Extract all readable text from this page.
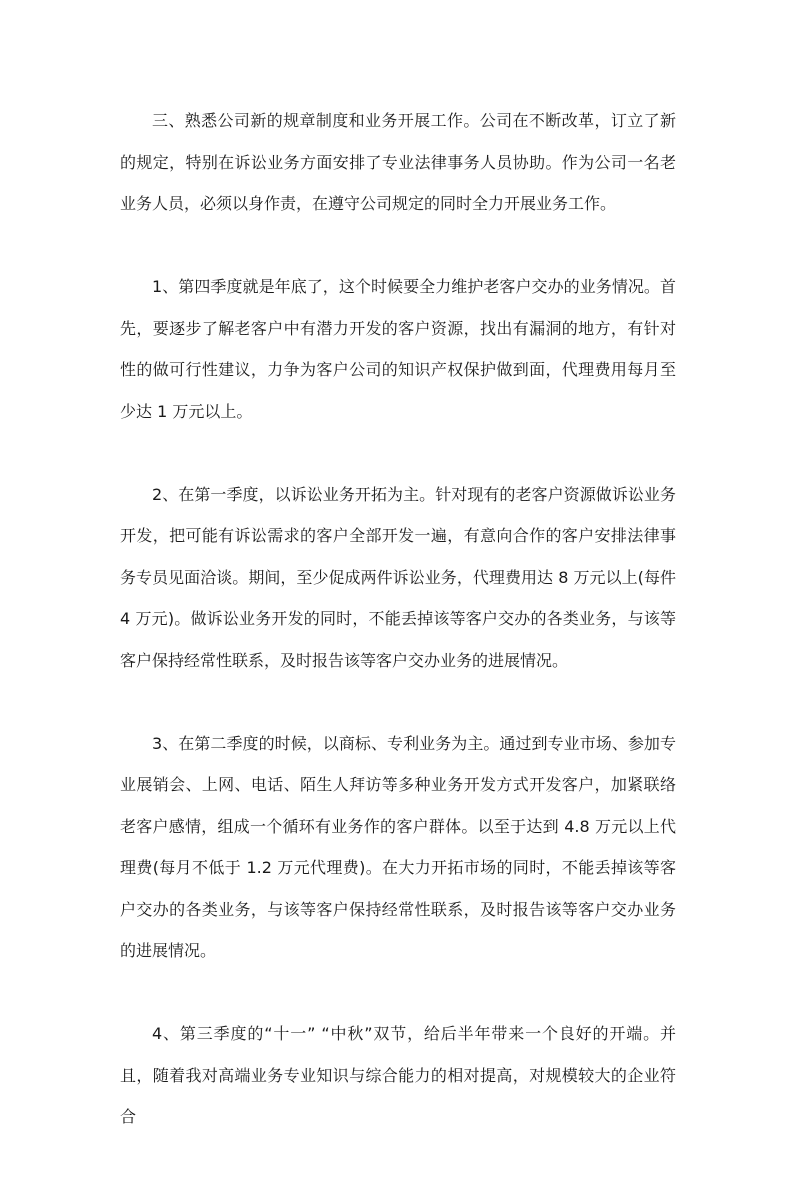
三、熟悉公司新的规章制度和业务开展工作。公司在不断改革，订立了新的规定，特别在诉讼业务方面安排了专业法律事务人员协助。作为公司一名老业务人员，必须以身作责，在遵守公司规定的同时全力开展业务工作。

1、第四季度就是年底了，这个时候要全力维护老客户交办的业务情况。首先，要逐步了解老客户中有潜力开发的客户资源，找出有漏洞的地方，有针对性的做可行性建议，力争为客户公司的知识产权保护做到面，代理费用每月至少达 1 万元以上。

2、在第一季度，以诉讼业务开拓为主。针对现有的老客户资源做诉讼业务开发，把可能有诉讼需求的客户全部开发一遍，有意向合作的客户安排法律事务专员见面洽谈。期间，至少促成两件诉讼业务，代理费用达 8 万元以上(每件 4 万元)。做诉讼业务开发的同时，不能丢掉该等客户交办的各类业务，与该等客户保持经常性联系，及时报告该等客户交办业务的进展情况。

3、在第二季度的时候，以商标、专利业务为主。通过到专业市场、参加专业展销会、上网、电话、陌生人拜访等多种业务开发方式开发客户，加紧联络老客户感情，组成一个循环有业务作的客户群体。以至于达到 4.8 万元以上代理费(每月不低于 1.2 万元代理费)。在大力开拓市场的同时，不能丢掉该等客户交办的各类业务，与该等客户保持经常性联系，及时报告该等客户交办业务的进展情况。

4、第三季度的“十一” “中秋”双节，给后半年带来一个良好的开端。并且，随着我对高端业务专业知识与综合能力的相对提高，对规模较大的企业符合
